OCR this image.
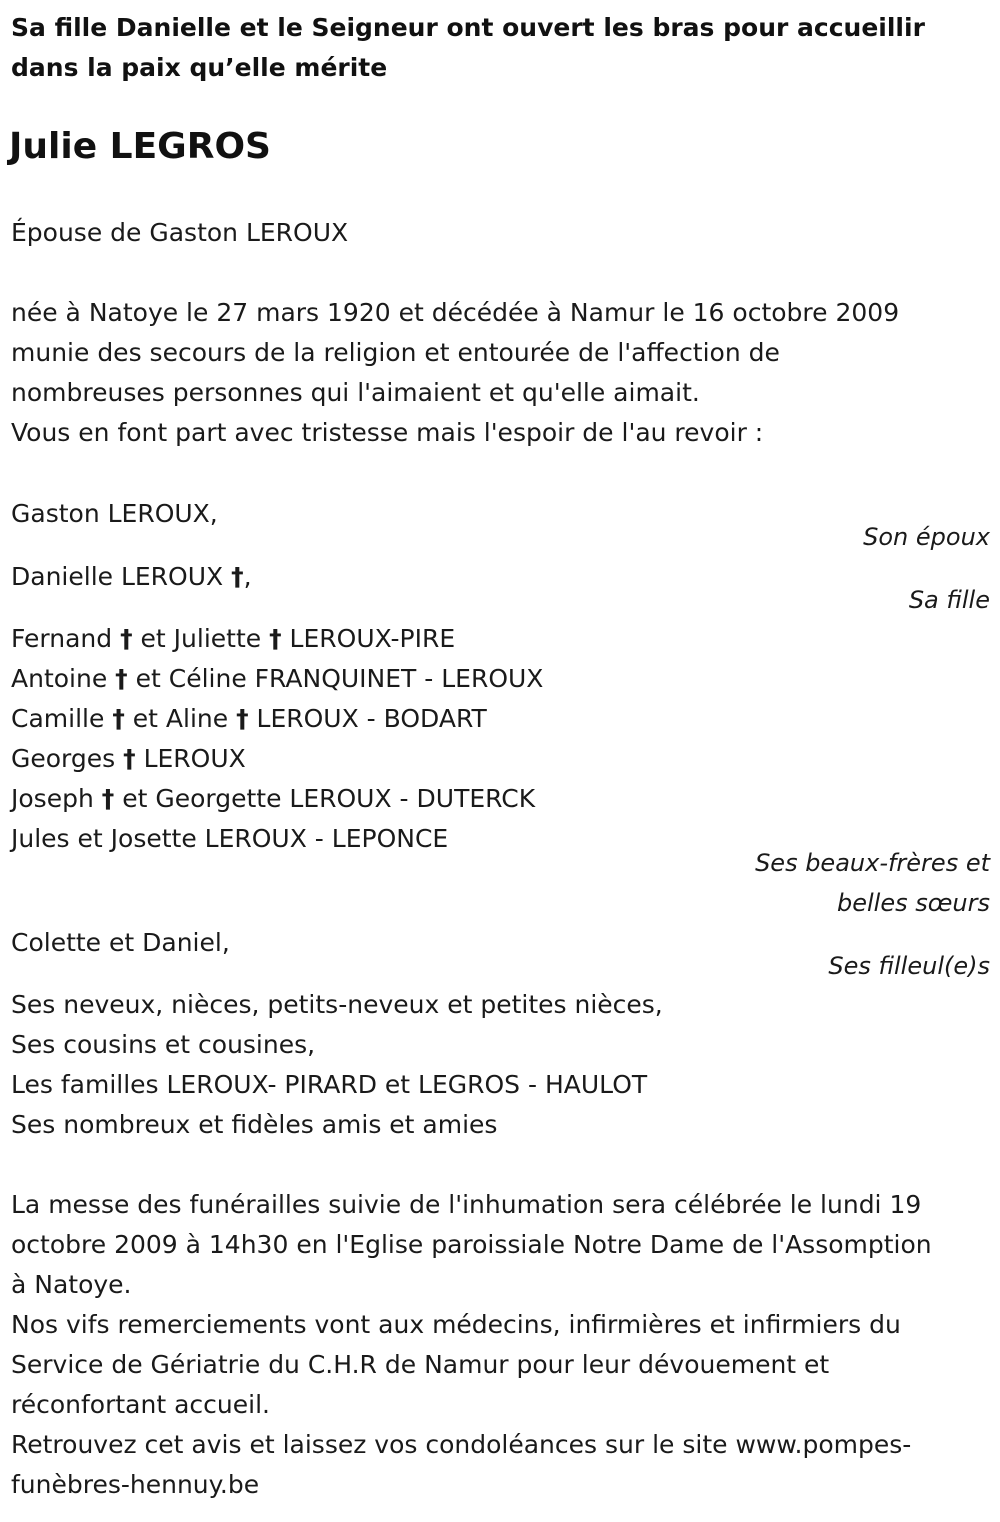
Sa fille Danielle et le Seigneur ont ouvert les bras pour accueillir dans la paix qu’elle mérite
Julie LEGROS
Épouse de Gaston LEROUX
née à Natoye le 27 mars 1920 et décédée à Namur le 16 octobre 2009
munie des secours de la religion et entourée de l'affection de
nombreuses personnes qui l'aimaient et qu'elle aimait.
Vous en font part avec tristesse mais l'espoir de l'au revoir :
Gaston LEROUX,
Son époux
Danielle LEROUX †,
Sa fille
Fernand † et Juliette † LEROUX-PIRE
Antoine † et Céline FRANQUINET - LEROUX
Camille † et Aline † LEROUX - BODART
Georges † LEROUX
Joseph † et Georgette LEROUX - DUTERCK
Jules et Josette LEROUX - LEPONCE
Ses beaux-frères et
belles sœurs
Colette et Daniel,
Ses filleul(e)s
Ses neveux, nièces, petits-neveux et petites nièces,
Ses cousins et cousines,
Les familles LEROUX- PIRARD et LEGROS - HAULOT
Ses nombreux et fidèles amis et amies
La messe des funérailles suivie de l'inhumation sera célébrée le lundi 19
octobre 2009 à 14h30 en l'Eglise paroissiale Notre Dame de l'Assomption
à Natoye.
Nos vifs remerciements vont aux médecins, infirmières et infirmiers du
Service de Gériatrie du C.H.R de Namur pour leur dévouement et
réconfortant accueil.
Retrouvez cet avis et laissez vos condoléances sur le site www.pompes-
funèbres-hennuy.be
